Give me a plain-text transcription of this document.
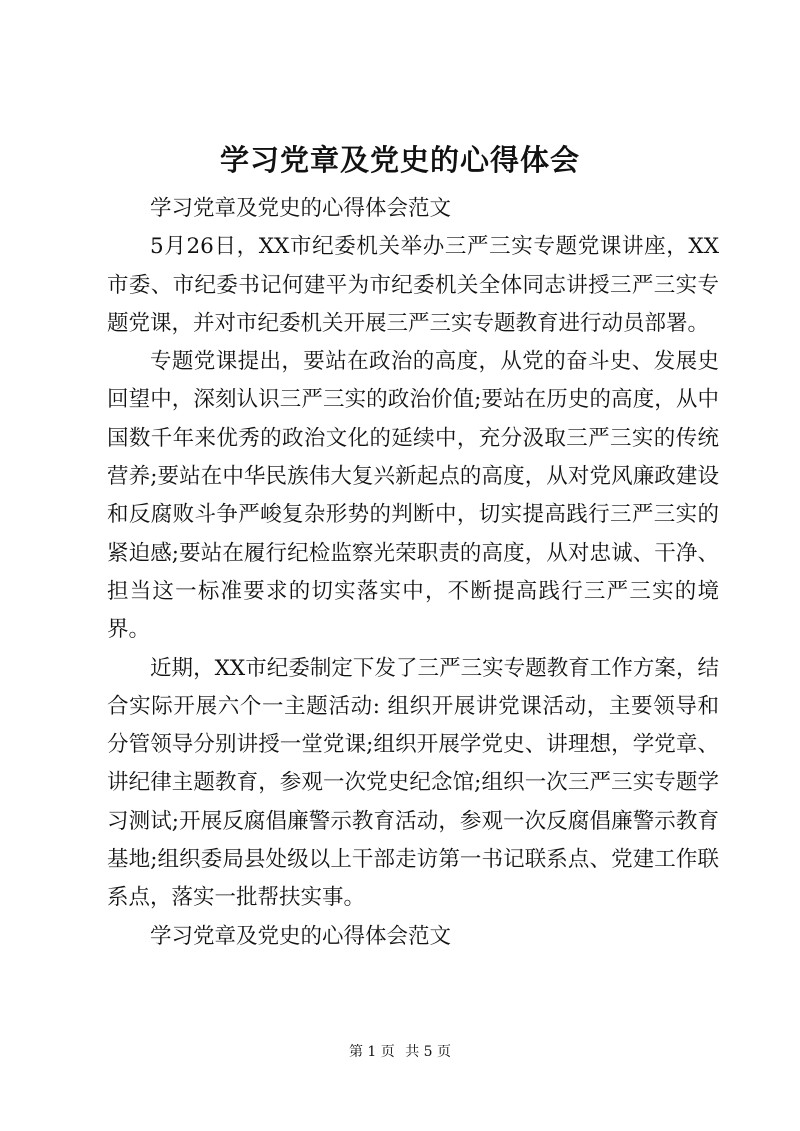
学习党章及党史的心得体会

学习党章及党史的心得体会范文

5月26日，XX市纪委机关举办三严三实专题党课讲座，XX市委、市纪委书记何建平为市纪委机关全体同志讲授三严三实专题党课，并对市纪委机关开展三严三实专题教育进行动员部署。

专题党课提出，要站在政治的高度，从党的奋斗史、发展史回望中，深刻认识三严三实的政治价值;要站在历史的高度，从中国数千年来优秀的政治文化的延续中，充分汲取三严三实的传统营养;要站在中华民族伟大复兴新起点的高度，从对党风廉政建设和反腐败斗争严峻复杂形势的判断中，切实提高践行三严三实的紧迫感;要站在履行纪检监察光荣职责的高度，从对忠诚、干净、担当这一标准要求的切实落实中，不断提高践行三严三实的境界。

近期，XX市纪委制定下发了三严三实专题教育工作方案，结合实际开展六个一主题活动: 组织开展讲党课活动，主要领导和分管领导分别讲授一堂党课;组织开展学党史、讲理想，学党章、讲纪律主题教育，参观一次党史纪念馆;组织一次三严三实专题学习测试;开展反腐倡廉警示教育活动，参观一次反腐倡廉警示教育基地;组织委局县处级以上干部走访第一书记联系点、党建工作联系点，落实一批帮扶实事。

学习党章及党史的心得体会范文

第 1 页 共 5 页
